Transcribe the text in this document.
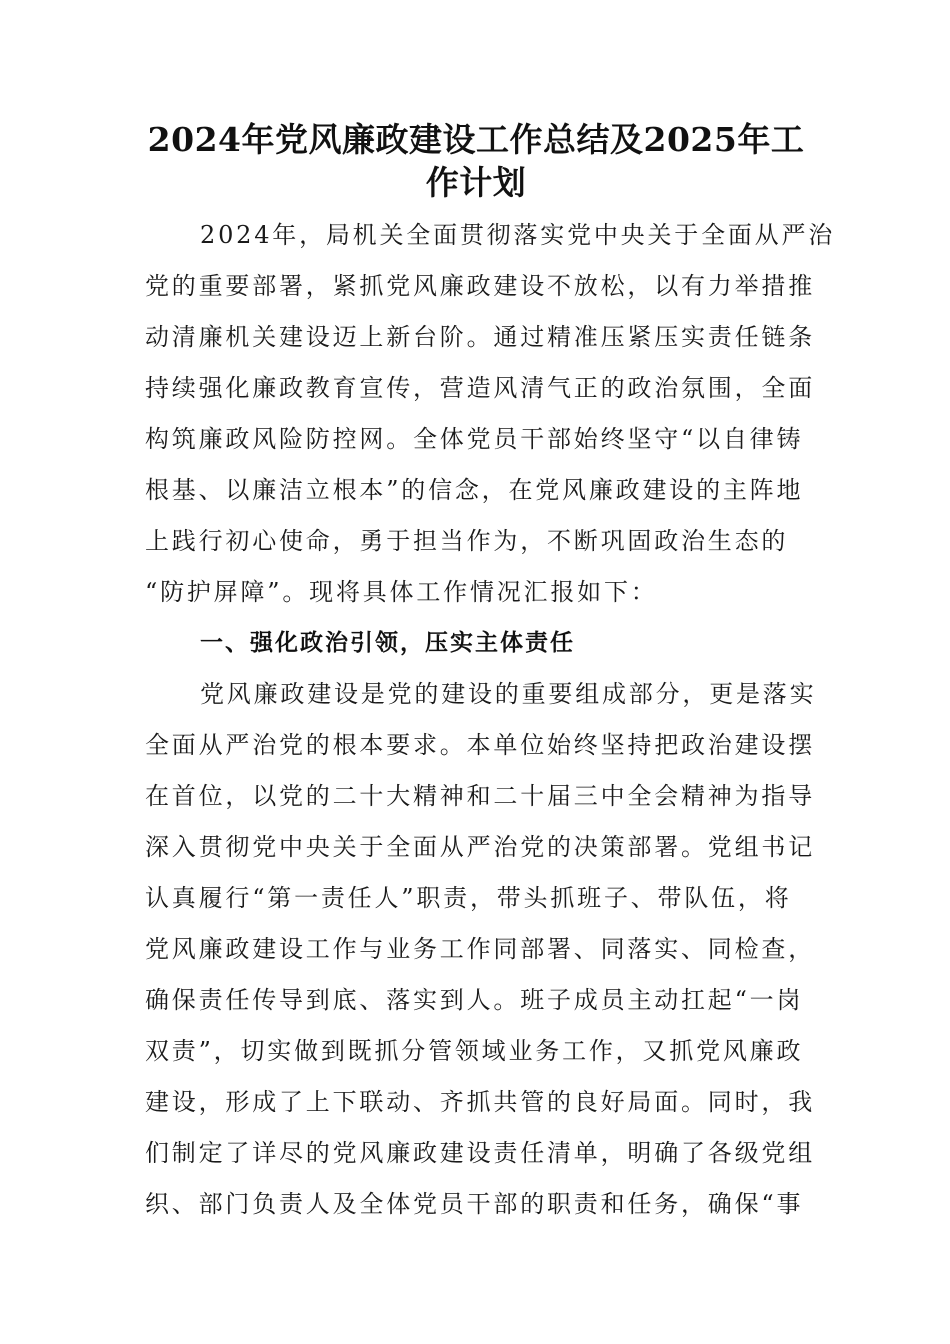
2024年党风廉政建设工作总结及2025年工
作计划

2024年，局机关全面贯彻落实党中央关于全面从严治
党的重要部署，紧抓党风廉政建设不放松，以有力举措推
动清廉机关建设迈上新台阶。通过精准压紧压实责任链条
持续强化廉政教育宣传，营造风清气正的政治氛围，全面
构筑廉政风险防控网。全体党员干部始终坚守“以自律铸
根基、以廉洁立根本”的信念，在党风廉政建设的主阵地
上践行初心使命，勇于担当作为，不断巩固政治生态的
“防护屏障”。现将具体工作情况汇报如下：

一、强化政治引领，压实主体责任

党风廉政建设是党的建设的重要组成部分，更是落实
全面从严治党的根本要求。本单位始终坚持把政治建设摆
在首位，以党的二十大精神和二十届三中全会精神为指导
深入贯彻党中央关于全面从严治党的决策部署。党组书记
认真履行“第一责任人”职责，带头抓班子、带队伍，将
党风廉政建设工作与业务工作同部署、同落实、同检查，
确保责任传导到底、落实到人。班子成员主动扛起“一岗
双责”，切实做到既抓分管领域业务工作，又抓党风廉政
建设，形成了上下联动、齐抓共管的良好局面。同时，我
们制定了详尽的党风廉政建设责任清单，明确了各级党组
织、部门负责人及全体党员干部的职责和任务，确保“事
